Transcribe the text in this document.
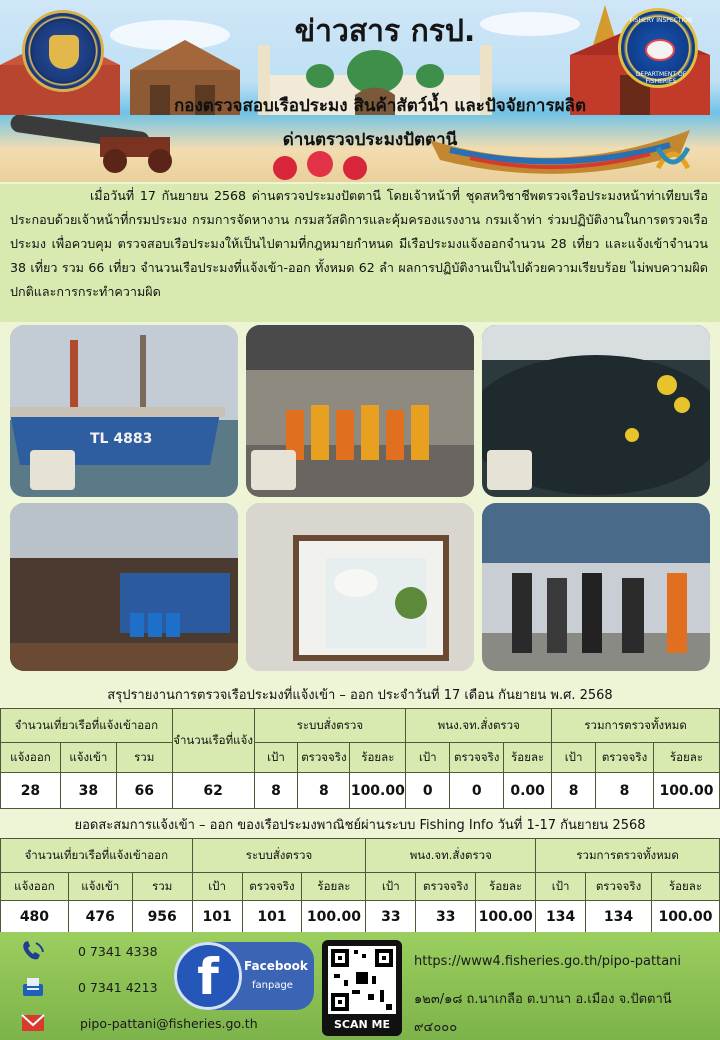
FISHERY INSPECTION
DEPARTMENT OF FISHERIES
ข่าวสาร กรป.
กองตรวจสอบเรือประมง สินค้าสัตว์น้ำ และปัจจัยการผลิต
ด่านตรวจประมงปัตตานี

เมื่อวันที่ 17 กันยายน 2568 ด่านตรวจประมงปัตตานี โดยเจ้าหน้าที่ ชุดสหวิชาชีพตรวจเรือประมงหน้าท่าเทียบเรือ ประกอบด้วยเจ้าหน้าที่กรมประมง กรมการจัดหางาน กรมสวัสดิการและคุ้มครองแรงงาน กรมเจ้าท่า ร่วมปฏิบัติงานในการตรวจเรือประมง เพื่อควบคุม ตรวจสอบเรือประมงให้เป็นไปตามที่กฎหมายกำหนด มีเรือประมงแจ้งออกจำนวน 28 เที่ยว และแจ้งเข้าจำนวน 38 เที่ยว รวม 66 เที่ยว จำนวนเรือประมงที่แจ้งเข้า-ออก ทั้งหมด 62 ลำ ผลการปฏิบัติงานเป็นไปด้วยความเรียบร้อย ไม่พบความผิดปกติและการกระทำความผิด

TL 4883
สรุปรายงานการตรวจเรือประมงที่แจ้งเข้า – ออก ประจำวันที่ 17 เดือน กันยายน พ.ศ. 2568
จำนวนเที่ยวเรือที่แจ้งเข้าออก			จำนวนเรือที่แจ้ง	ระบบสั่งตรวจ			พนง.จท.สั่งตรวจ			รวมการตรวจทั้งหมด		
แจ้งออก	แจ้งเข้า	รวม		เป้า	ตรวจจริง	ร้อยละ	เป้า	ตรวจจริง	ร้อยละ	เป้า	ตรวจจริง	ร้อยละ
28	38	66	62	8	8	100.00	0	0	0.00	8	8	100.00
ยอดสะสมการแจ้งเข้า – ออก ของเรือประมงพาณิชย์ผ่านระบบ Fishing Info วันที่ 1-17 กันยายน 2568
จำนวนเที่ยวเรือที่แจ้งเข้าออก			ระบบสั่งตรวจ			พนง.จท.สั่งตรวจ			รวมการตรวจทั้งหมด		
แจ้งออก	แจ้งเข้า	รวม	เป้า	ตรวจจริง	ร้อยละ	เป้า	ตรวจจริง	ร้อยละ	เป้า	ตรวจจริง	ร้อยละ
480	476	956	101	101	100.00	33	33	100.00	134	134	100.00
0 7341 4338
0 7341 4213
pipo-pattani@fisheries.go.th
f	Facebook
fanpage
SCAN ME
https://www4.fisheries.go.th/pipo-pattani
๑๒๓/๑๘ ถ.นาเกลือ ต.บานา อ.เมือง จ.ปัตตานี
๙๔๐๐๐
